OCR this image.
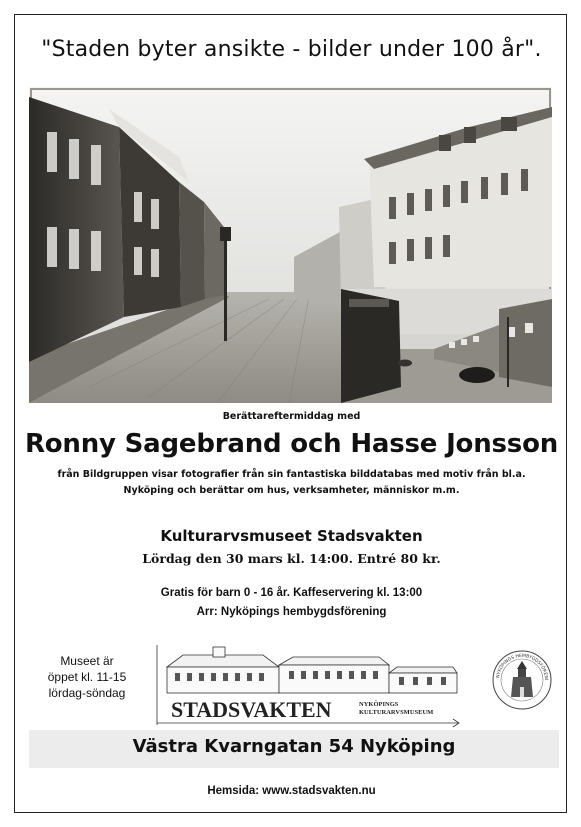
"Staden byter ansikte - bilder under 100 år".
Berättareftermiddag med
Ronny Sagebrand och Hasse Jonsson
från Bildgruppen visar fotografier från sin fantastiska bilddatabas med motiv från bl.a.
Nyköping och berättar om hus, verksamheter, människor m.m.
Kulturarvsmuseet Stadsvakten
Lördag den 30 mars kl. 14:00. Entré 80 kr.
Gratis för barn 0 - 16 år. Kaffeservering kl. 13:00
Arr: Nyköpings hembygdsförening
Museet är
öppet kl. 11-15
lördag-söndag
STADSVAKTEN	NYKÖPINGS
KULTURARVSMUSEUM
NYKÖPINGS HEMBYGDSFÖRENI
Västra Kvarngatan 54 Nyköping
Hemsida: www.stadsvakten.nu
